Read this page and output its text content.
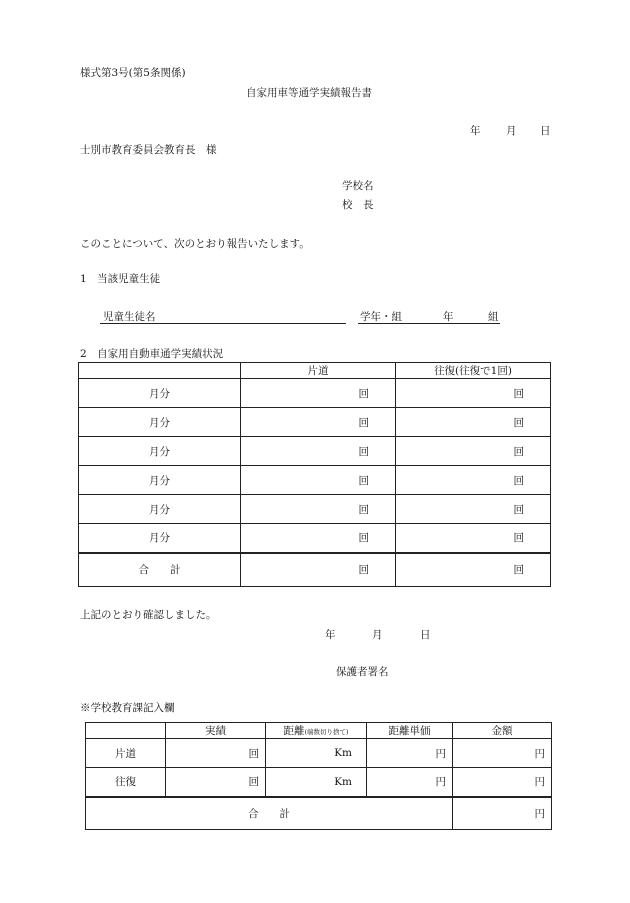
様式第3号(第5条関係)
自家用車等通学実績報告書
年 月 日
士別市教育委員会教育長　様
学校名
校　長
このことについて、次のとおり報告いたします。
1　当該児童生徒
児童生徒名	学年・組	年	組
2　自家用自動車通学実績状況
	片道	往復(往復で1回)
月分	回	回
月分	回	回
月分	回	回
月分	回	回
月分	回	回
月分	回	回
合　　計	回	回
上記のとおり確認しました。
年	月	日
保護者署名
※学校教育課記入欄
	実績	距離(端数切り捨て)	距離単価	金額
片道	回	Km	円	円
往復	回	Km	円	円
合　　計				円
